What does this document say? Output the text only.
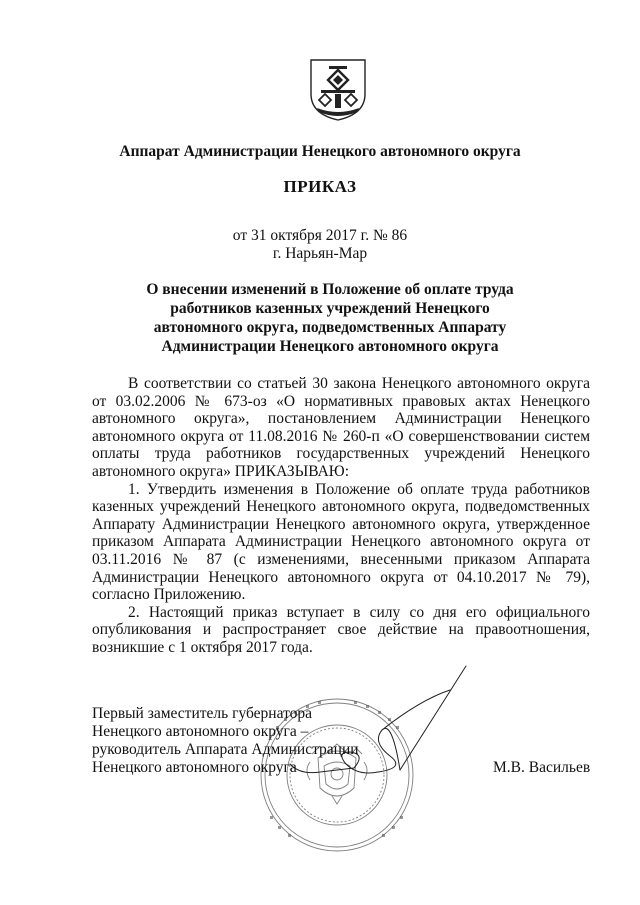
Аппарат Администрации Ненецкого автономного округа
ПРИКАЗ
от 31 октября 2017 г. № 86
г. Нарьян-Мар
О внесении изменений в Положение об оплате труда
работников казенных учреждений Ненецкого
автономного округа, подведомственных Аппарату
Администрации Ненецкого автономного округа

В соответствии со статьей 30 закона Ненецкого автономного округа от 03.02.2006 № 673-оз «О нормативных правовых актах Ненецкого автономного округа», постановлением Администрации Ненецкого автономного округа от 11.08.2016 № 260-п «О совершенствовании систем оплаты труда работников государственных учреждений Ненецкого автономного округа» ПРИКАЗЫВАЮ:

1. Утвердить изменения в Положение об оплате труда работников казенных учреждений Ненецкого автономного округа, подведомственных Аппарату Администрации Ненецкого автономного округа, утвержденное приказом Аппарата Администрации Ненецкого автономного округа от 03.11.2016 № 87 (с изменениями, внесенными приказом Аппарата Администрации Ненецкого автономного округа от 04.10.2017 № 79), согласно Приложению.

2. Настоящий приказ вступает в силу со дня его официального опубликования и распространяет свое действие на правоотношения, возникшие с 1 октября 2017 года.

Первый заместитель губернатора
Ненецкого автономного округа –
руководитель Аппарата Администрации
Ненецкого автономного округа	М.В. Васильев
